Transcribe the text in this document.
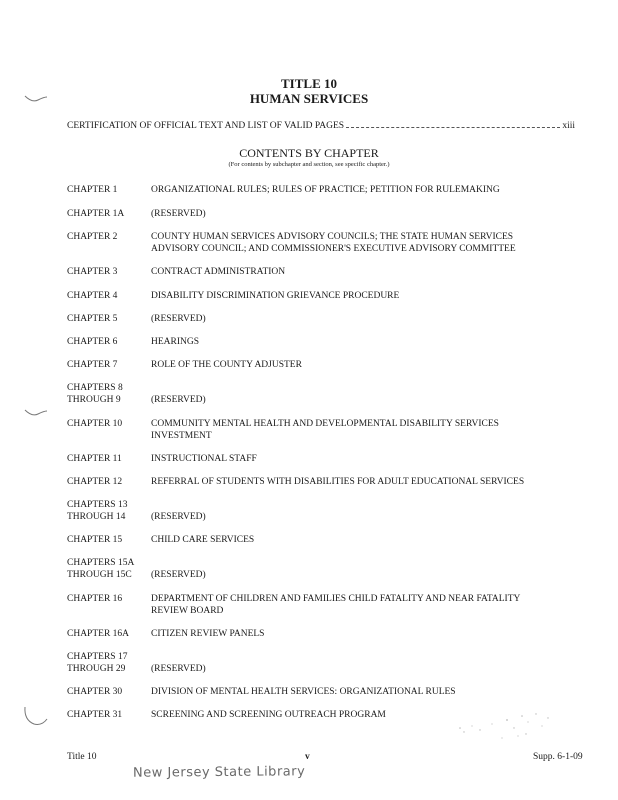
TITLE 10
HUMAN SERVICES
CERTIFICATION OF OFFICIAL TEXT AND LIST OF VALID PAGES	xiii
CONTENTS BY CHAPTER
(For contents by subchapter and section, see specific chapter.)
CHAPTER 1	ORGANIZATIONAL RULES; RULES OF PRACTICE; PETITION FOR RULEMAKING
CHAPTER 1A	(RESERVED)
CHAPTER 2	COUNTY HUMAN SERVICES ADVISORY COUNCILS; THE STATE HUMAN SERVICES
ADVISORY COUNCIL; AND COMMISSIONER'S EXECUTIVE ADVISORY COMMITTEE
CHAPTER 3	CONTRACT ADMINISTRATION
CHAPTER 4	DISABILITY DISCRIMINATION GRIEVANCE PROCEDURE
CHAPTER 5	(RESERVED)
CHAPTER 6	HEARINGS
CHAPTER 7	ROLE OF THE COUNTY ADJUSTER
CHAPTERS 8
THROUGH 9	(RESERVED)
CHAPTER 10	COMMUNITY MENTAL HEALTH AND DEVELOPMENTAL DISABILITY SERVICES
INVESTMENT
CHAPTER 11	INSTRUCTIONAL STAFF
CHAPTER 12	REFERRAL OF STUDENTS WITH DISABILITIES FOR ADULT EDUCATIONAL SERVICES
CHAPTERS 13
THROUGH 14	(RESERVED)
CHAPTER 15	CHILD CARE SERVICES
CHAPTERS 15A
THROUGH 15C	(RESERVED)
CHAPTER 16	DEPARTMENT OF CHILDREN AND FAMILIES CHILD FATALITY AND NEAR FATALITY
REVIEW BOARD
CHAPTER 16A	CITIZEN REVIEW PANELS
CHAPTERS 17
THROUGH 29	(RESERVED)
CHAPTER 30	DIVISION OF MENTAL HEALTH SERVICES: ORGANIZATIONAL RULES
CHAPTER 31	SCREENING AND SCREENING OUTREACH PROGRAM
Title 10	v	Supp. 6-1-09
New Jersey State Library
